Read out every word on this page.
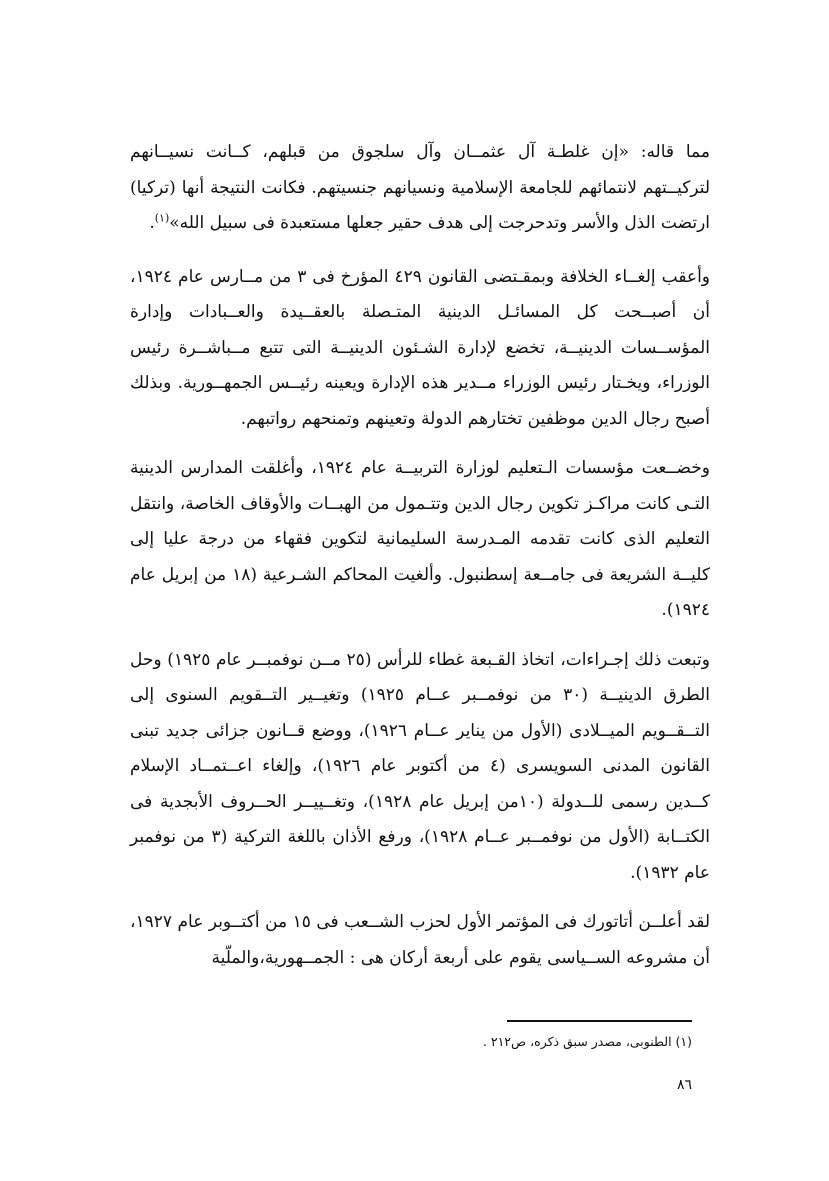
مما قاله: «إن غلطـة آل عثمــان وآل سلجوق من قبلهم، كــانت نسيــانهم لتركيــتهم لانتمائهم للجامعة الإسلامية ونسيانهم جنسيتهم. فكانت النتيجة أنها (تركيا) ارتضت الذل والأسر وتدحرجت إلى هدف حقير جعلها مستعبدة فى سبيل الله»$^{(١)}$.

وأعقب إلغــاء الخلافة وبمقـتضى القانون ٤٢٩ المؤرخ فى ٣ من مــارس عام ١٩٢٤، أن أصبــحت كل المسائـل الدينية المتـصلة بالعقــيدة والعــبادات وإدارة المؤســسات الدينيــة، تخضع لإدارة الشـئون الدينيــة التى تتبع مــباشــرة رئيس الوزراء، ويخـتار رئيس الوزراء مــدير هذه الإدارة ويعينه رئيــس الجمهــورية. وبذلك أصبح رجال الدين موظفين تختارهم الدولة وتعينهم وتمنحهم رواتبهم.

وخضــعت مؤسسات الـتعليم لوزارة التربيــة عام ١٩٢٤، وأغلقت المدارس الدينية التـى كانت مراكـز تكوين رجال الدين وتتـمول من الهبــات والأوقاف الخاصة، وانتقل التعليم الذى كانت تقدمه المـدرسة السليمانية لتكوين فقهاء من درجة عليا إلى كليــة الشريعة فى جامــعة إسطنبول. وألغيت المحاكم الشـرعية (١٨ من إبريل عام ١٩٢٤).

وتبعت ذلك إجـراءات، اتخاذ القـبعة غطاء للرأس (٢٥ مــن نوفمبــر عام ١٩٢٥) وحل الطرق الدينيــة (٣٠ من نوفمــبر عــام ١٩٢٥) وتغيــير التــقويم السنوى إلى التــقــويم الميــلادى (الأول من يناير عــام ١٩٢٦)، ووضع قــانون جزائى جديد تبنى القانون المدنى السويسرى (٤ من أكتوبر عام ١٩٢٦)، وإلغاء اعــتمــاد الإسلام كــدين رسمى للــدولة (١٠من إبريل عام ١٩٢٨)، وتغــييــر الحــروف الأبجدية فى الكتــابة (الأول من نوفمــبر عــام ١٩٢٨)، ورفع الأذان باللغة التركية (٣ من نوفمبر عام ١٩٣٢).

لقد أعلــن أتاتورك فى المؤتمر الأول لحزب الشــعب فى ١٥ من أكتــوبر عام ١٩٢٧، أن مشروعه الســياسى يقوم على أربعة أركان هى : الجمــهورية،والملّية

(١) الطنوبى، مصدر سبق ذكره، ص٢١٢ .
٨٦
